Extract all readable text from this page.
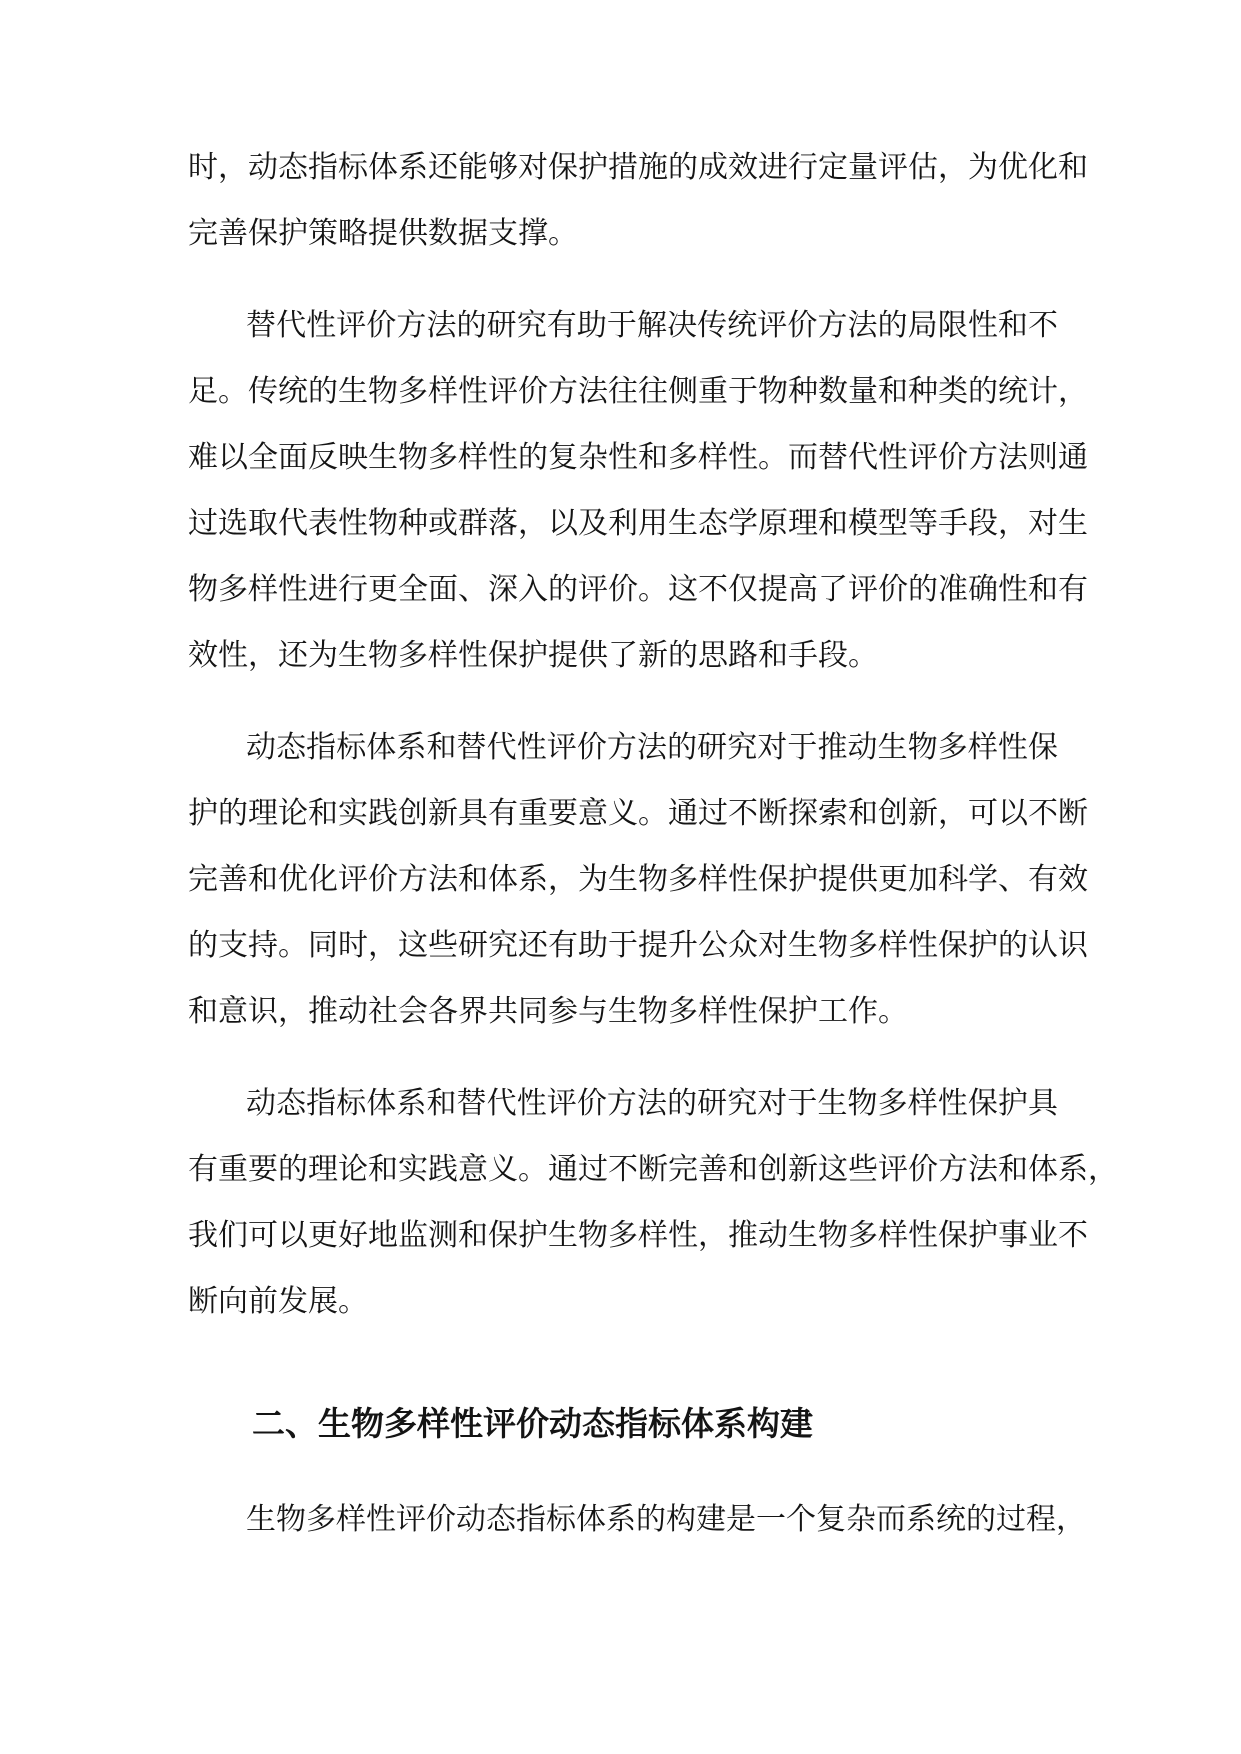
时，动态指标体系还能够对保护措施的成效进行定量评估，为优化和
完善保护策略提供数据支撑。
替代性评价方法的研究有助于解决传统评价方法的局限性和不
足。传统的生物多样性评价方法往往侧重于物种数量和种类的统计，
难以全面反映生物多样性的复杂性和多样性。而替代性评价方法则通
过选取代表性物种或群落，以及利用生态学原理和模型等手段，对生
物多样性进行更全面、深入的评价。这不仅提高了评价的准确性和有
效性，还为生物多样性保护提供了新的思路和手段。
动态指标体系和替代性评价方法的研究对于推动生物多样性保
护的理论和实践创新具有重要意义。通过不断探索和创新，可以不断
完善和优化评价方法和体系，为生物多样性保护提供更加科学、有效
的支持。同时，这些研究还有助于提升公众对生物多样性保护的认识
和意识，推动社会各界共同参与生物多样性保护工作。
动态指标体系和替代性评价方法的研究对于生物多样性保护具
有重要的理论和实践意义。通过不断完善和创新这些评价方法和体系，
我们可以更好地监测和保护生物多样性，推动生物多样性保护事业不
断向前发展。
二、生物多样性评价动态指标体系构建
生物多样性评价动态指标体系的构建是一个复杂而系统的过程，
